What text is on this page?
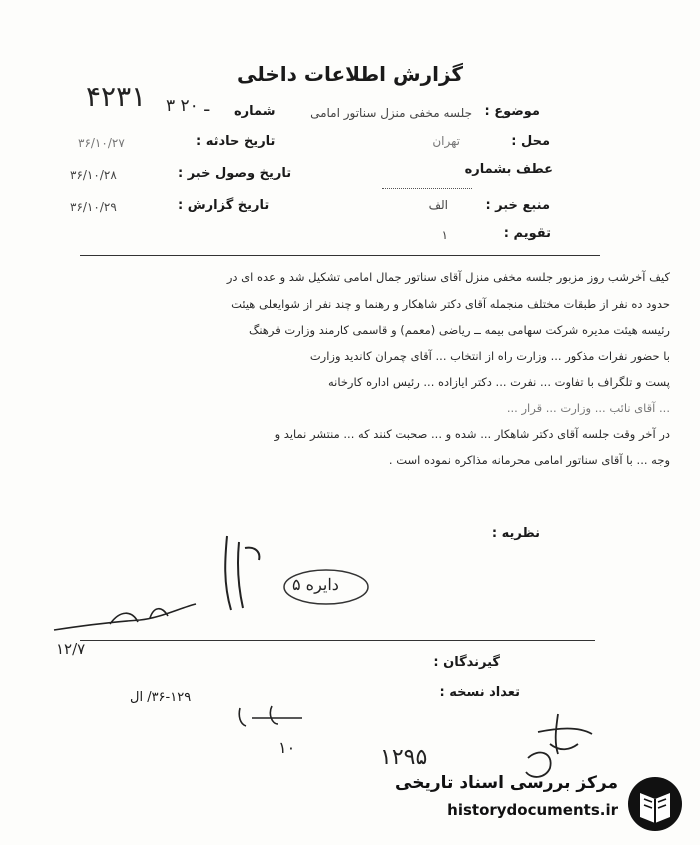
گزارش اطلاعات داخلی
۴۲۳۱	موضوع :
جلسه مخفی منزل سناتور امامی
شماره
۳ ـ ۲۰
محل :
تهران
عطف بشماره
منبع خبر :
الف
تقویم :
۱
تاریخ حادثه :
۳۶/۱۰/۲۷
تاریخ وصول خبر :
۳۶/۱۰/۲۸
تاریخ گزارش :
۳۶/۱۰/۲۹
کیف آخرشب روز مزبور جلسه مخفی منزل آقای سناتور جمال امامی تشکیل شد و عده ای در
حدود ده نفر از طبقات مختلف منجمله آقای دکتر شاهکار و رهنما و چند نفر از شوایعلی هیئت
رئیسه هیئت مدیره شرکت سهامی بیمه ــ ریاضی (معمم) و قاسمی کارمند وزارت فرهنگ
با حضور نفرات مذکور ... وزارت راه از انتخاب ... آقای چمران کاندید وزارت
پست و تلگراف با تفاوت ... نفرت ... دکتر ایازاده ... رئیس اداره کارخانه
... آقای نائب ... وزارت ... قرار ...
در آخر وقت جلسه آقای دکتر شاهکار ... شده و ... صحبت کنند که ... منتشر نماید و
وجه ... با آقای سناتور امامی محرمانه مذاکره نموده است .
نظریه :
دایره ۵
۱۲/۷
گیرندگان :
تعداد نسخه :
۳۶-۱۲۹/ ال
۱۰	۱۲۹۵
مرکز بررسی اسناد تاریخی
historydocuments.ir
